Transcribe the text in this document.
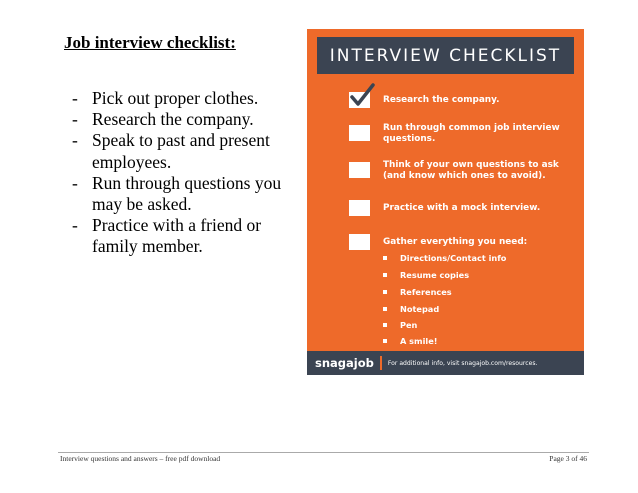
Job interview checklist:
- Pick out proper clothes.
- Research the company.
- Speak to past and present employees.
- Run through questions you may be asked.
- Practice with a friend or family member.
INTERVIEW CHECKLIST
Research the company.
Run through common job interview questions.
Think of your own questions to ask (and know which ones to avoid).
Practice with a mock interview.
Gather everything you need:
Directions/Contact info
Resume copies
References
Notepad
Pen
A smile!
snagajob For additional info, visit snagajob.com/resources.
Interview questions and answers – free pdf download	Page 3 of 46
